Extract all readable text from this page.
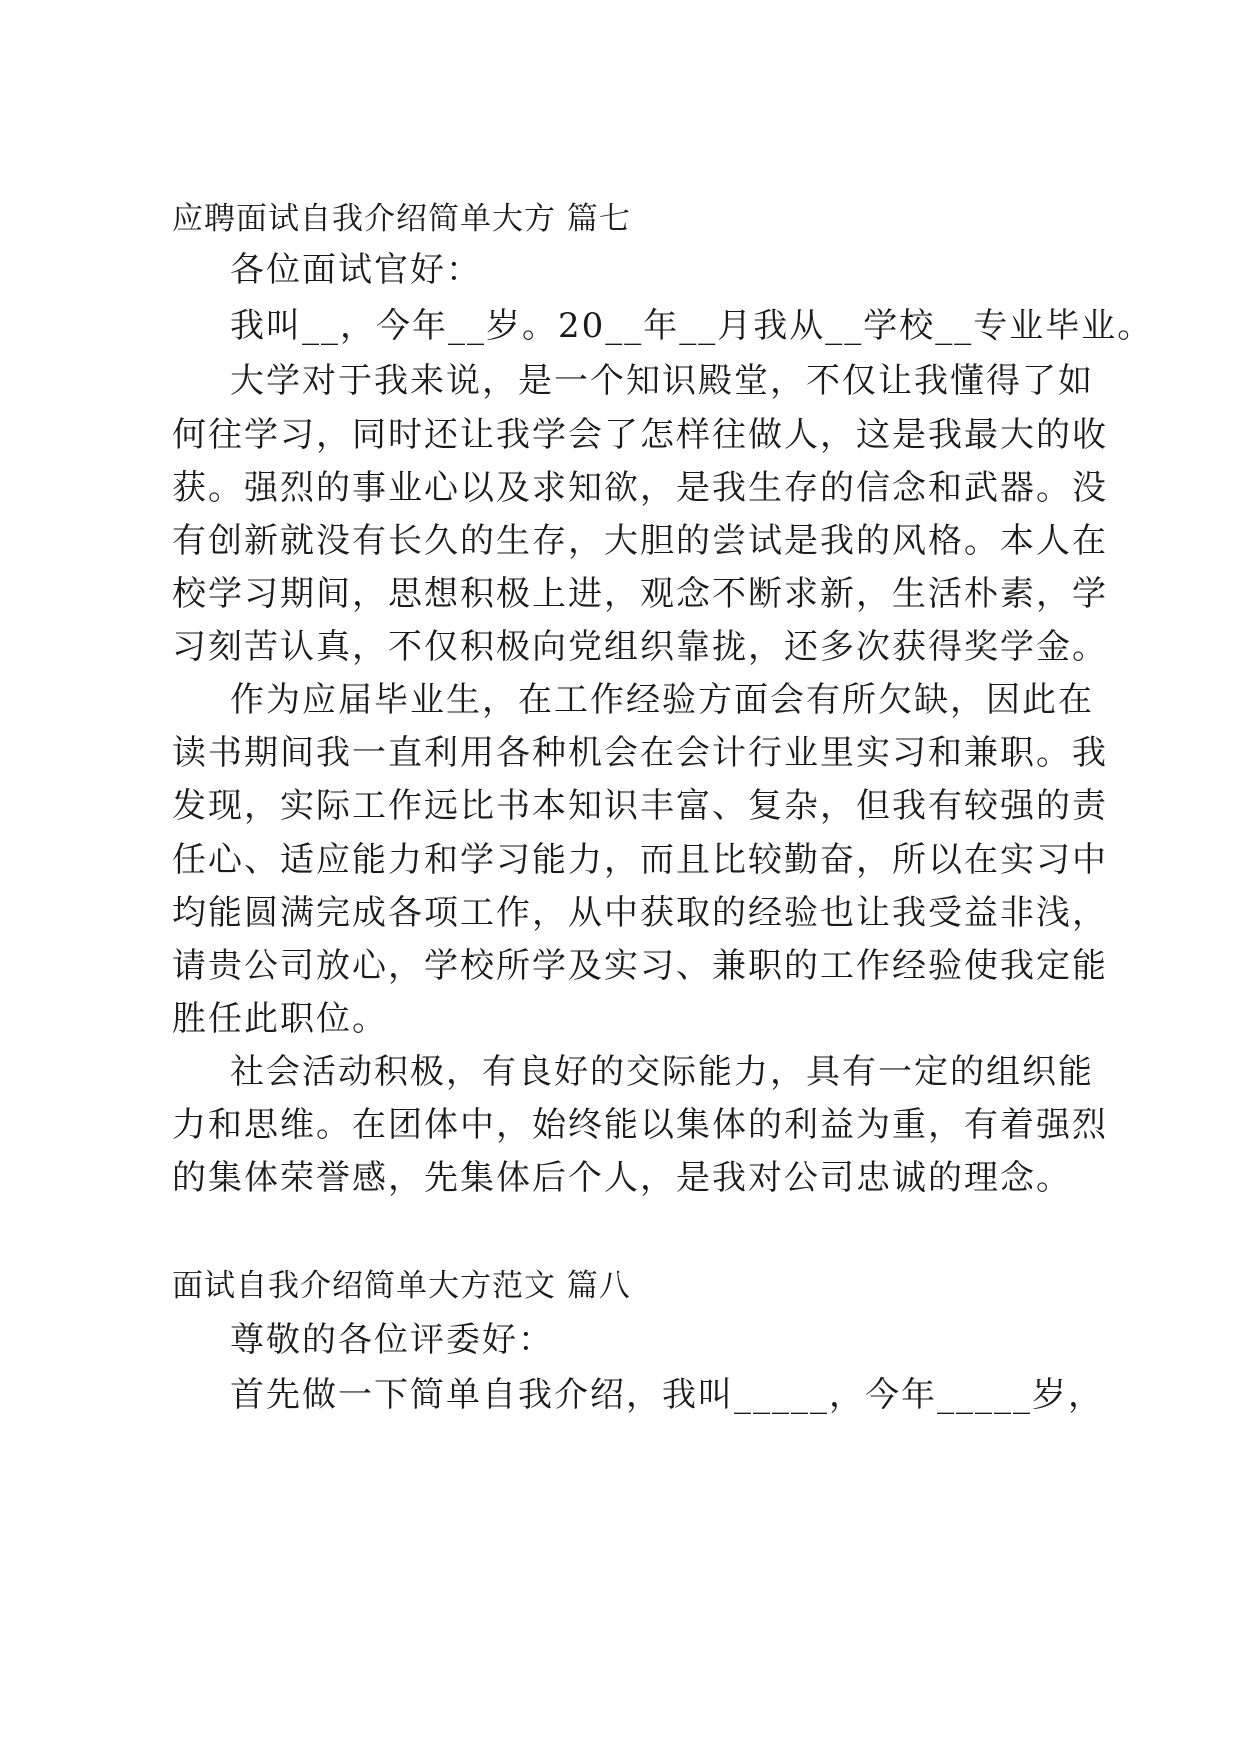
应聘面试自我介绍简单大方 篇七
各位面试官好：
我叫__，今年__岁。20__年__月我从__学校__专业毕业。
大学对于我来说，是一个知识殿堂，不仅让我懂得了如
何往学习，同时还让我学会了怎样往做人，这是我最大的收
获。强烈的事业心以及求知欲，是我生存的信念和武器。没
有创新就没有长久的生存，大胆的尝试是我的风格。本人在
校学习期间，思想积极上进，观念不断求新，生活朴素，学
习刻苦认真，不仅积极向党组织靠拢，还多次获得奖学金。
作为应届毕业生，在工作经验方面会有所欠缺，因此在
读书期间我一直利用各种机会在会计行业里实习和兼职。我
发现，实际工作远比书本知识丰富、复杂，但我有较强的责
任心、适应能力和学习能力，而且比较勤奋，所以在实习中
均能圆满完成各项工作，从中获取的经验也让我受益非浅，
请贵公司放心，学校所学及实习、兼职的工作经验使我定能
胜任此职位。
社会活动积极，有良好的交际能力，具有一定的组织能
力和思维。在团体中，始终能以集体的利益为重，有着强烈
的集体荣誉感，先集体后个人，是我对公司忠诚的理念。
面试自我介绍简单大方范文 篇八
尊敬的各位评委好：
首先做一下简单自我介绍，我叫_____，今年_____岁，
